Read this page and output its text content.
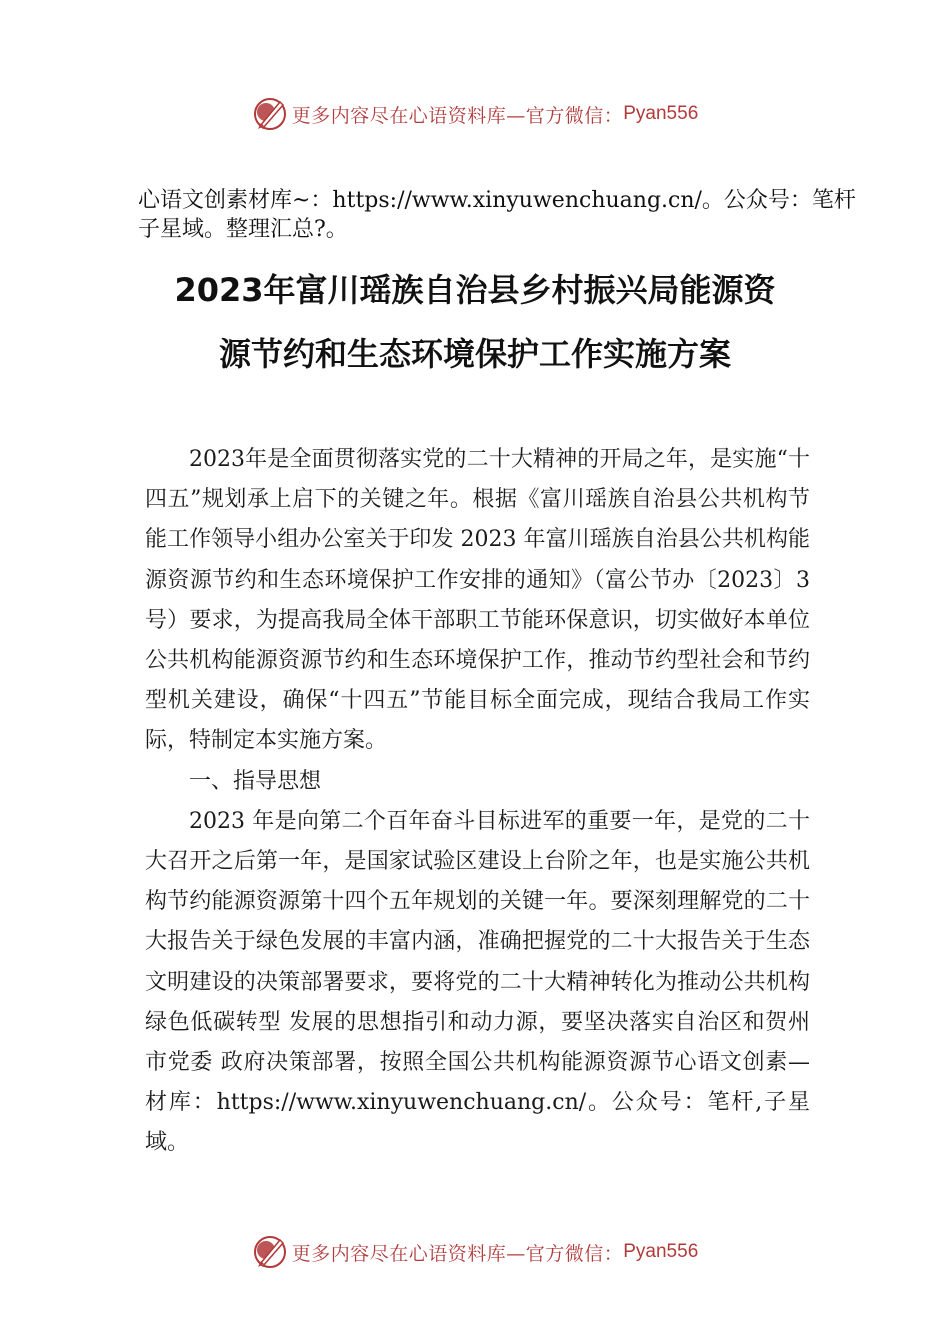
更多内容尽在心语资料库—官方微信： Pyan556
心语文创素材库~：https://www.xinyuwenchuang.cn/。公众号：笔杆子星域。整理汇总?。
2023年富川瑶族自治县乡村振兴局能源资
源节约和生态环境保护工作实施方案

2023年是全面贯彻落实党的二十大精神的开局之年，是实施“十四五”规划承上启下的关键之年。根据《富川瑶族自治县公共机构节能工作领导小组办公室关于印发 2023 年富川瑶族自治县公共机构能源资源节约和生态环境保护工作安排的通知》（富公节办〔2023〕3号）要求，为提高我局全体干部职工节能环保意识，切实做好本单位公共机构能源资源节约和生态环境保护工作，推动节约型社会和节约型机关建设，确保“十四五”节能目标全面完成，现结合我局工作实际，特制定本实施方案。

一、指导思想

2023 年是向第二个百年奋斗目标进军的重要一年，是党的二十大召开之后第一年，是国家试验区建设上台阶之年，也是实施公共机构节约能源资源第十四个五年规划的关键一年。要深刻理解党的二十大报告关于绿色发展的丰富内涵，准确把握党的二十大报告关于生态文明建设的决策部署要求，要将党的二十大精神转化为推动公共机构绿色低碳转型 发展的思想指引和动力源，要坚决落实自治区和贺州市党委 政府决策部署，按照全国公共机构能源资源节心语文创素—材库：https://www.xinyuwenchuang.cn/。公众号：笔杆,子星域。

更多内容尽在心语资料库—官方微信： Pyan556
